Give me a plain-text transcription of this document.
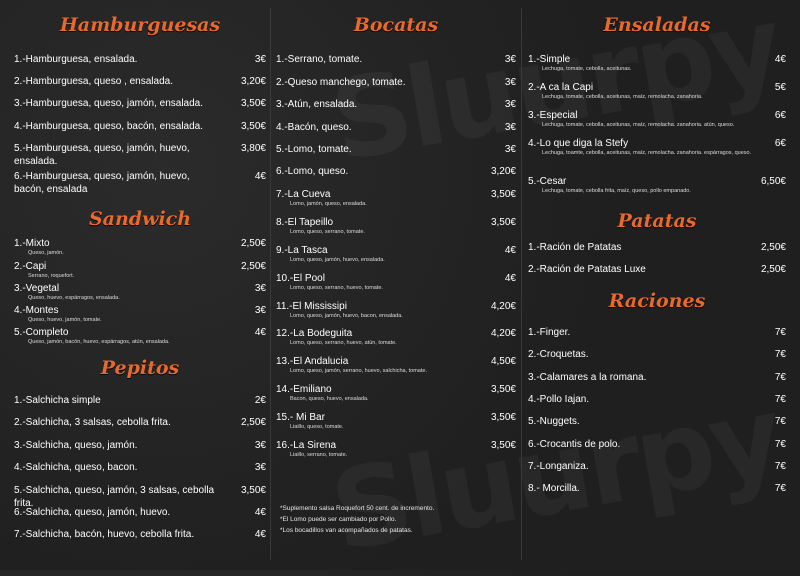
Hamburguesas
1.-Hamburguesa, ensalada.	3€
2.-Hamburguesa, queso , ensalada.	3,20€
3.-Hamburguesa, queso, jamón, ensalada.	3,50€
4.-Hamburguesa, queso, bacón, ensalada.	3,50€
5.-Hamburguesa, queso, jamón, huevo, ensalada.
3,80€
6.-Hamburguesa, queso, jamón, huevo, bacón, ensalada
4€
Sandwich
1.-Mixto
Queso, jamón.
2,50€
2.-Capi
Serrano, roquefort.
2,50€
3.-Vegetal
Queso, huevo, espárragos, ensalada.
3€
4.-Montes
Queso, huevo, jamón, tomate.
3€
5.-Completo
Queso, jamón, bacón, huevo, espárragos, atún, ensalada.
4€
Pepitos
1.-Salchicha simple	2€
2.-Salchicha, 3 salsas, cebolla frita.	2,50€
3.-Salchicha, queso, jamón.	3€
4.-Salchicha, queso, bacon.	3€
5.-Salchicha, queso, jamón, 3 salsas, cebolla frita.
3,50€
6.-Salchicha, queso, jamón, huevo.	4€
7.-Salchicha, bacón, huevo, cebolla frita.	4€
Bocatas
1.-Serrano, tomate.	3€
2.-Queso manchego, tomate.	3€
3.-Atún, ensalada.	3€
4.-Bacón, queso.	3€
5.-Lomo, tomate.	3€
6.-Lomo, queso.	3,20€
7.-La Cueva
Lomo, jamón, queso, ensalada.
3,50€
8.-El Tapeillo
Lomo, queso, serrano, tomate.
3,50€
9.-La Tasca
Lomo, queso, jamón, huevo, ensalada.
4€
10.-El Pool
Lomo, queso, serrano, huevo, tomate.
4€
11.-El Mississipi
Lomo, queso, jamón, huevo, bacon, ensalada.
4,20€
12.-La Bodeguita
Lomo, queso, serrano, huevo, atún, tomate.
4,20€
13.-El Andalucia
Lomo, queso, jamón, serrano, huevo, salchicha, tomate.
4,50€
14.-Emiliano
Bacon, queso, huevo, ensalada.
3,50€
15.- Mi Bar
Liaillo, queso, tomate.
3,50€
16.-La Sirena
Liaillo, serrano, tomate.
3,50€
*Suplemento salsa Roquefort 50 cent. de incremento.
*El Lomo puede ser cambiado por Pollo.
*Los bocadillos van acompañados de patatas.
Ensaladas
1.-Simple
Lechuga, tomate, cebolla, aceitunas.
4€
2.-A ca la Capi
Lechuga, tomate, cebolla, aceitunas, maíz, remolacha, zanahoria.
5€
3.-Especial
Lechuga, tomate, cebolla, aceitunas, maíz, remolacha. zanahoria. atún, queso.
6€
4.-Lo que diga la Stefy
Lechuga, toamte, cebolla, aceitunas, maíz, remolacha. zanahoria. espárragos, queso.
6€
5.-Cesar
Lechuga, tomate, cebolla frita, maíz, queso, pollo empanado.
6,50€
Patatas
1.-Ración de Patatas	2,50€
2.-Ración de Patatas Luxe	2,50€
Raciones
1.-Finger.	7€
2.-Croquetas.	7€
3.-Calamares a la romana.	7€
4.-Pollo Iajan.	7€
5.-Nuggets.	7€
6.-Crocantis de polo.	7€
7.-Longaniza.	7€
8.- Morcilla.	7€
